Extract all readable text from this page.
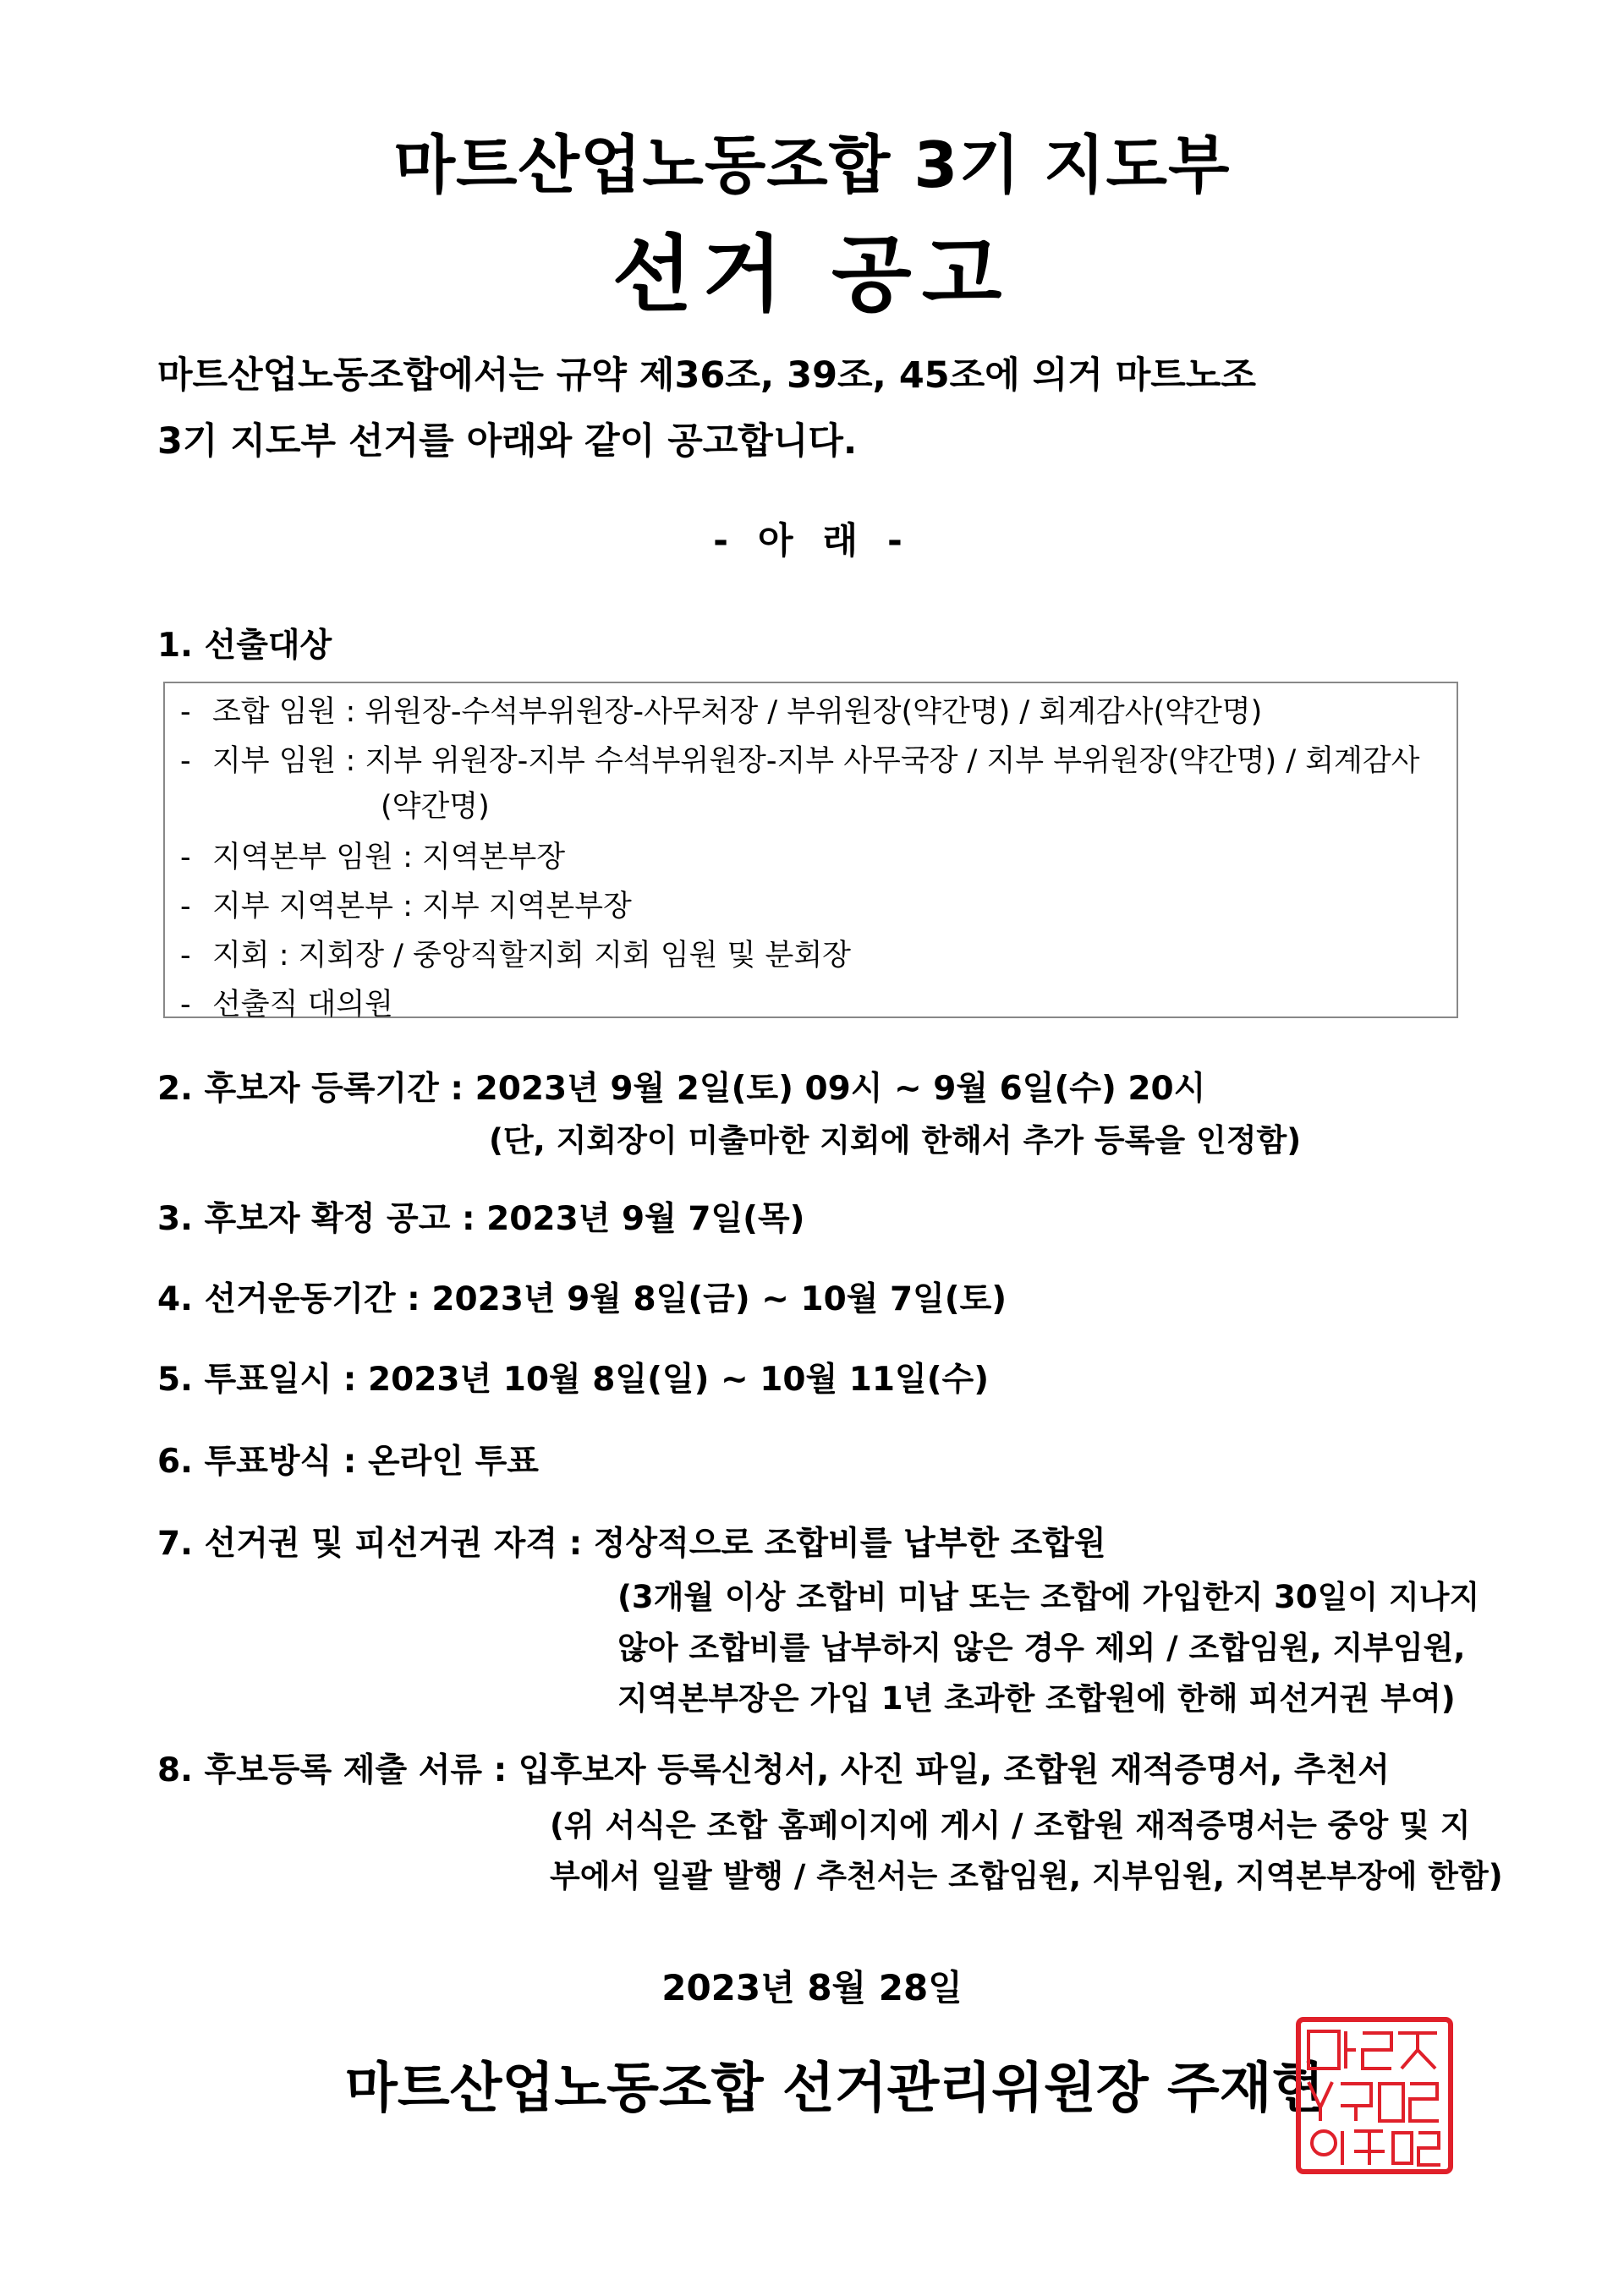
마트산업노동조합 3기 지도부
선거 공고
마트산업노동조합에서는 규약 제36조, 39조, 45조에 의거 마트노조
3기 지도부 선거를 아래와 같이 공고합니다.
- 아 래 -
1. 선출대상
- 조합 임원 : 위원장-수석부위원장-사무처장 / 부위원장(약간명) / 회계감사(약간명)
- 지부 임원 : 지부 위원장-지부 수석부위원장-지부 사무국장 / 지부 부위원장(약간명) / 회계감사
(약간명)
- 지역본부 임원 : 지역본부장
- 지부 지역본부 : 지부 지역본부장
- 지회 : 지회장 / 중앙직할지회 지회 임원 및 분회장
- 선출직 대의원
2. 후보자 등록기간 : 2023년 9월 2일(토) 09시 ~ 9월 6일(수) 20시
(단, 지회장이 미출마한 지회에 한해서 추가 등록을 인정함)
3. 후보자 확정 공고 : 2023년 9월 7일(목)
4. 선거운동기간 : 2023년 9월 8일(금) ~ 10월 7일(토)
5. 투표일시 : 2023년 10월 8일(일) ~ 10월 11일(수)
6. 투표방식 : 온라인 투표
7. 선거권 및 피선거권 자격 : 정상적으로 조합비를 납부한 조합원
(3개월 이상 조합비 미납 또는 조합에 가입한지 30일이 지나지
않아 조합비를 납부하지 않은 경우 제외 / 조합임원, 지부임원,
지역본부장은 가입 1년 초과한 조합원에 한해 피선거권 부여)
8. 후보등록 제출 서류 : 입후보자 등록신청서, 사진 파일, 조합원 재적증명서, 추천서
(위 서식은 조합 홈페이지에 게시 / 조합원 재적증명서는 중앙 및 지
부에서 일괄 발행 / 추천서는 조합임원, 지부임원, 지역본부장에 한함)
2023년 8월 28일
마트산업노동조합 선거관리위원장 주재현
